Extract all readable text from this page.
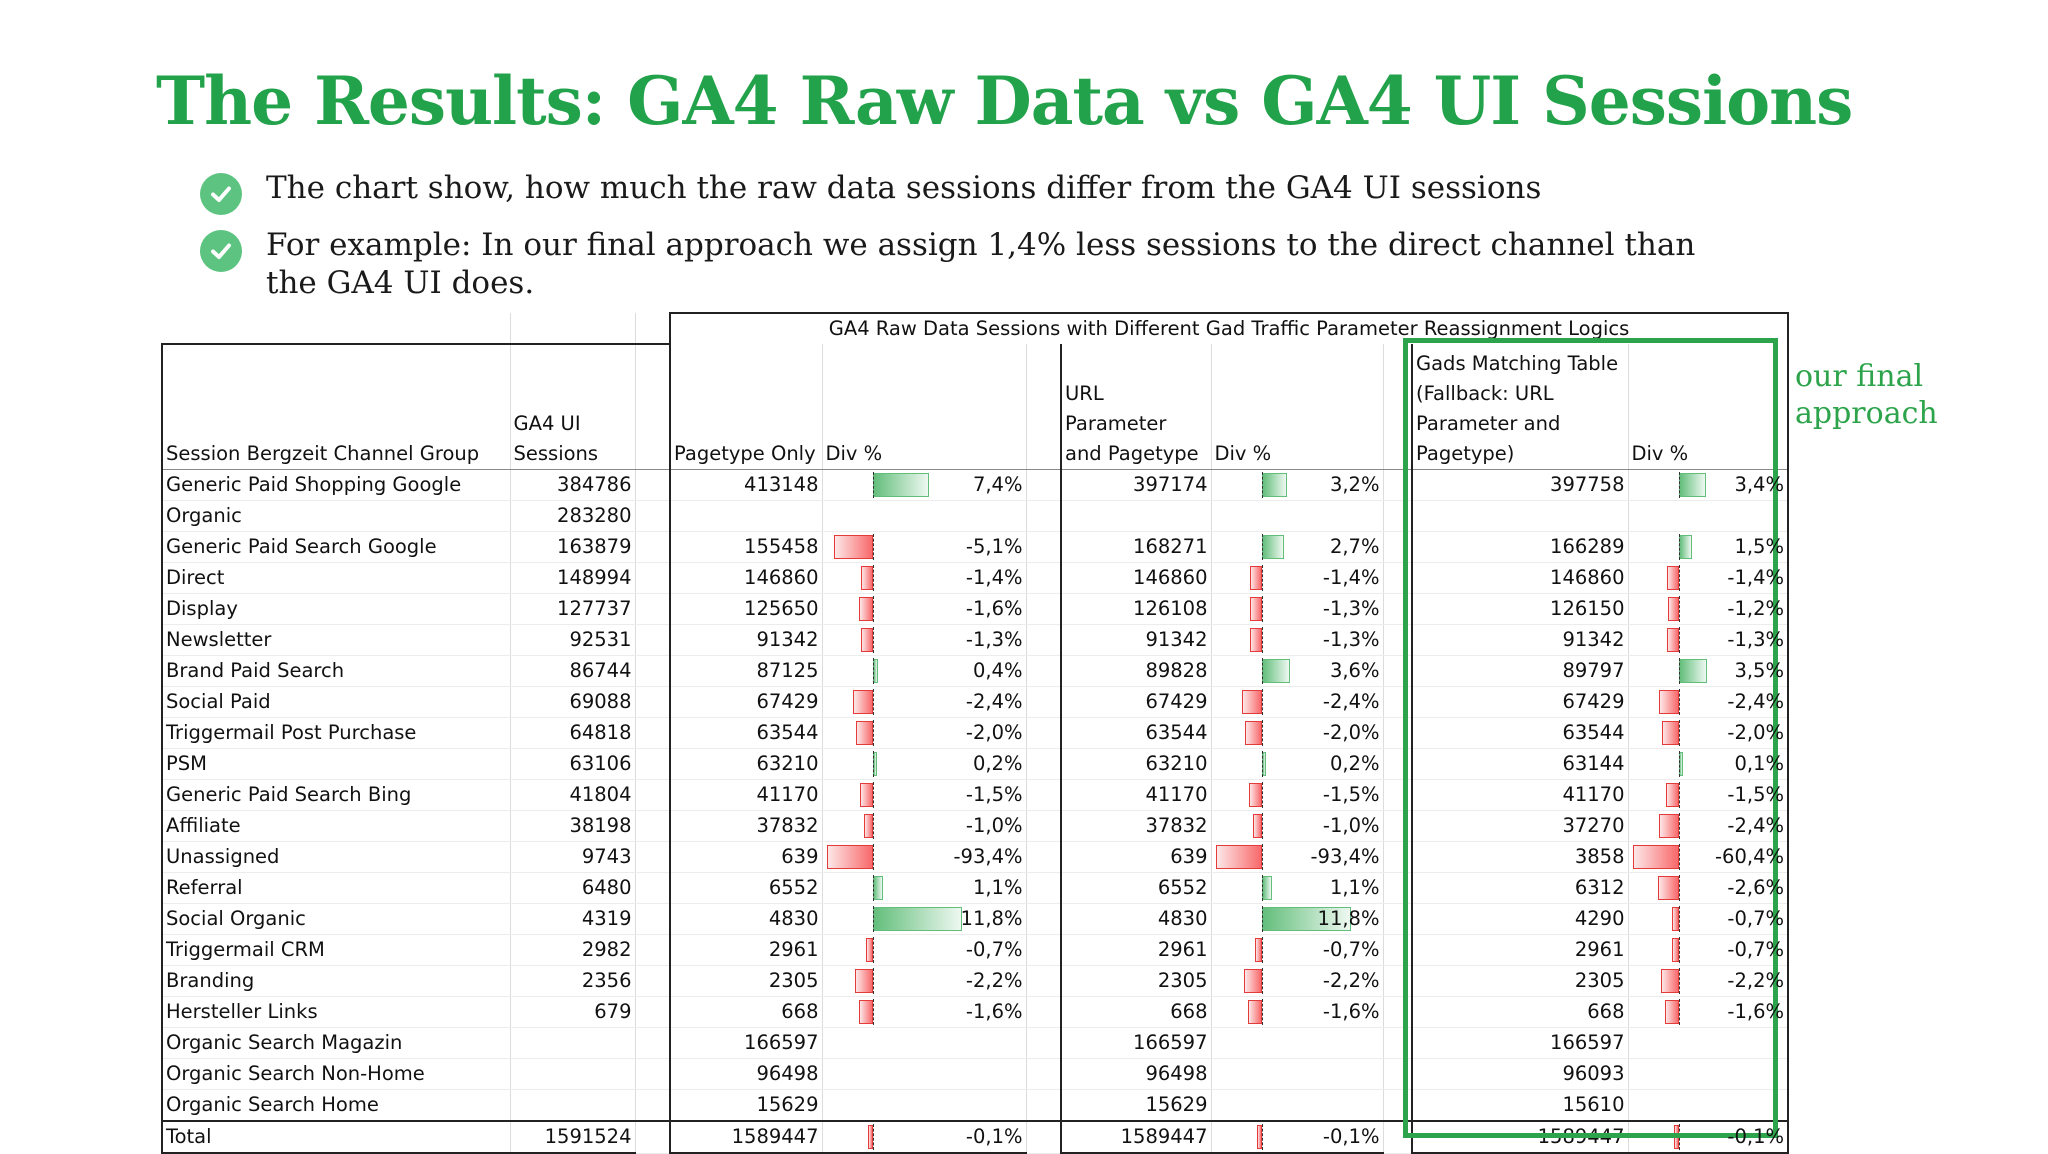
The Results: GA4 Raw Data vs GA4 UI Sessions
The chart show, how much the raw data sessions differ from the GA4 UI sessions
For example: In our final approach we assign 1,4% less sessions to the direct channel than the GA4 UI does.
			GA4 Raw Data Sessions with Different Gad Traffic Parameter Reassignment Logics							
Session Bergzeit Channel Group	GA4 UI Sessions		Pagetype Only	Div %		URL Parameter and Pagetype	Div %		Gads Matching Table (Fallback: URL Parameter and Pagetype)	Div %
Generic Paid Shopping Google	384786		413148	7,4%		397174	3,2%		397758	3,4%

Organic	283280			

Generic Paid Search Google	163879		155458	-5,1%		168271	2,7%		166289	1,5%

Direct	148994		146860	-1,4%		146860	-1,4%		146860	-1,4%

Display	127737		125650	-1,6%		126108	-1,3%		126150	-1,2%

Newsletter	92531		91342	-1,3%		91342	-1,3%		91342	-1,3%

Brand Paid Search	86744		87125	0,4%		89828	3,6%		89797	3,5%

Social Paid	69088		67429	-2,4%		67429	-2,4%		67429	-2,4%

Triggermail Post Purchase	64818		63544	-2,0%		63544	-2,0%		63544	-2,0%

PSM	63106		63210	0,2%		63210	0,2%		63144	0,1%

Generic Paid Search Bing	41804		41170	-1,5%		41170	-1,5%		41170	-1,5%

Affiliate	38198		37832	-1,0%		37832	-1,0%		37270	-2,4%

Unassigned	9743		639	-93,4%		639	-93,4%		3858	-60,4%

Referral	6480		6552	1,1%		6552	1,1%		6312	-2,6%

Social Organic	4319		4830	11,8%		4830	11,8%		4290	-0,7%

Triggermail CRM	2982		2961	-0,7%		2961	-0,7%		2961	-0,7%

Branding	2356		2305	-2,2%		2305	-2,2%		2305	-2,2%

Hersteller Links	679		668	-1,6%		668	-1,6%		668	-1,6%

Organic Search Magazin			166597			166597			166597	

Organic Search Non-Home			96498			96498			96093	

Organic Search Home			15629			15629			15610	

Total	1591524		1589447	-0,1%		1589447	-0,1%		1589447	-0,1%
our final approach
